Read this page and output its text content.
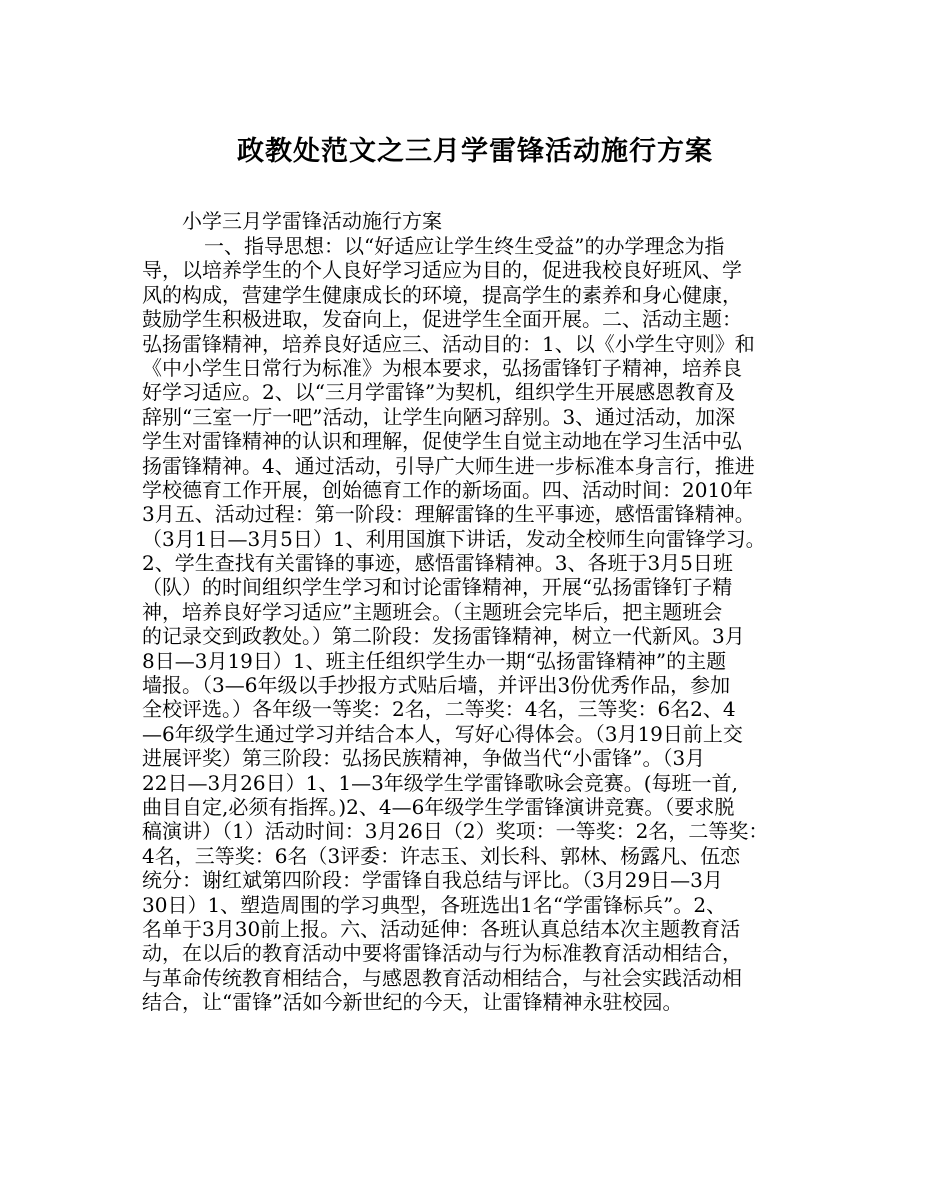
政教处范文之三月学雷锋活动施行方案

小学三月学雷锋活动施行方案

一、指导思想：以“好适应让学生终生受益”的办学理念为指
导，以培养学生的个人良好学习适应为目的，促进我校良好班风、学
风的构成，营建学生健康成长的环境，提高学生的素养和身心健康，
鼓励学生积极进取，发奋向上，促进学生全面开展。二、活动主题：
弘扬雷锋精神，培养良好适应三、活动目的：1、以《小学生守则》和
《中小学生日常行为标准》为根本要求，弘扬雷锋钉子精神，培养良
好学习适应。2、以“三月学雷锋”为契机，组织学生开展感恩教育及
辞别“三室一厅一吧”活动，让学生向陋习辞别。3、通过活动，加深
学生对雷锋精神的认识和理解，促使学生自觉主动地在学习生活中弘
扬雷锋精神。4、通过活动，引导广大师生进一步标准本身言行，推进
学校德育工作开展，创始德育工作的新场面。四、活动时间：2010年
3月五、活动过程：第一阶段：理解雷锋的生平事迹，感悟雷锋精神。
（3月1日—3月5日）1、利用国旗下讲话，发动全校师生向雷锋学习。
2、学生查找有关雷锋的事迹，感悟雷锋精神。3、各班于3月5日班
（队）的时间组织学生学习和讨论雷锋精神，开展“弘扬雷锋钉子精
神，培养良好学习适应”主题班会。（主题班会完毕后，把主题班会
的记录交到政教处。）第二阶段：发扬雷锋精神，树立一代新风。3月
8日—3月19日）1、班主任组织学生办一期“弘扬雷锋精神”的主题
墙报。（3—6年级以手抄报方式贴后墙，并评出3份优秀作品，参加
全校评选。）各年级一等奖：2名，二等奖：4名，三等奖：6名2、4
—6年级学生通过学习并结合本人，写好心得体会。（3月19日前上交
进展评奖）第三阶段：弘扬民族精神，争做当代“小雷锋”。（3月
22日—3月26日）1、1—3年级学生学雷锋歌咏会竞赛。(每班一首,
曲目自定,必须有指挥。)2、4—6年级学生学雷锋演讲竞赛。（要求脱
稿演讲）（1）活动时间：3月26日（2）奖项：一等奖：2名，二等奖：
4名，三等奖：6名（3评委：许志玉、刘长科、郭林、杨露凡、伍恋
统分：谢红斌第四阶段：学雷锋自我总结与评比。（3月29日—3月
30日）1、塑造周围的学习典型，各班选出1名“学雷锋标兵”。2、
名单于3月30前上报。六、活动延伸：各班认真总结本次主题教育活
动，在以后的教育活动中要将雷锋活动与行为标准教育活动相结合，
与革命传统教育相结合，与感恩教育活动相结合，与社会实践活动相
结合，让“雷锋”活如今新世纪的今天，让雷锋精神永驻校园。
